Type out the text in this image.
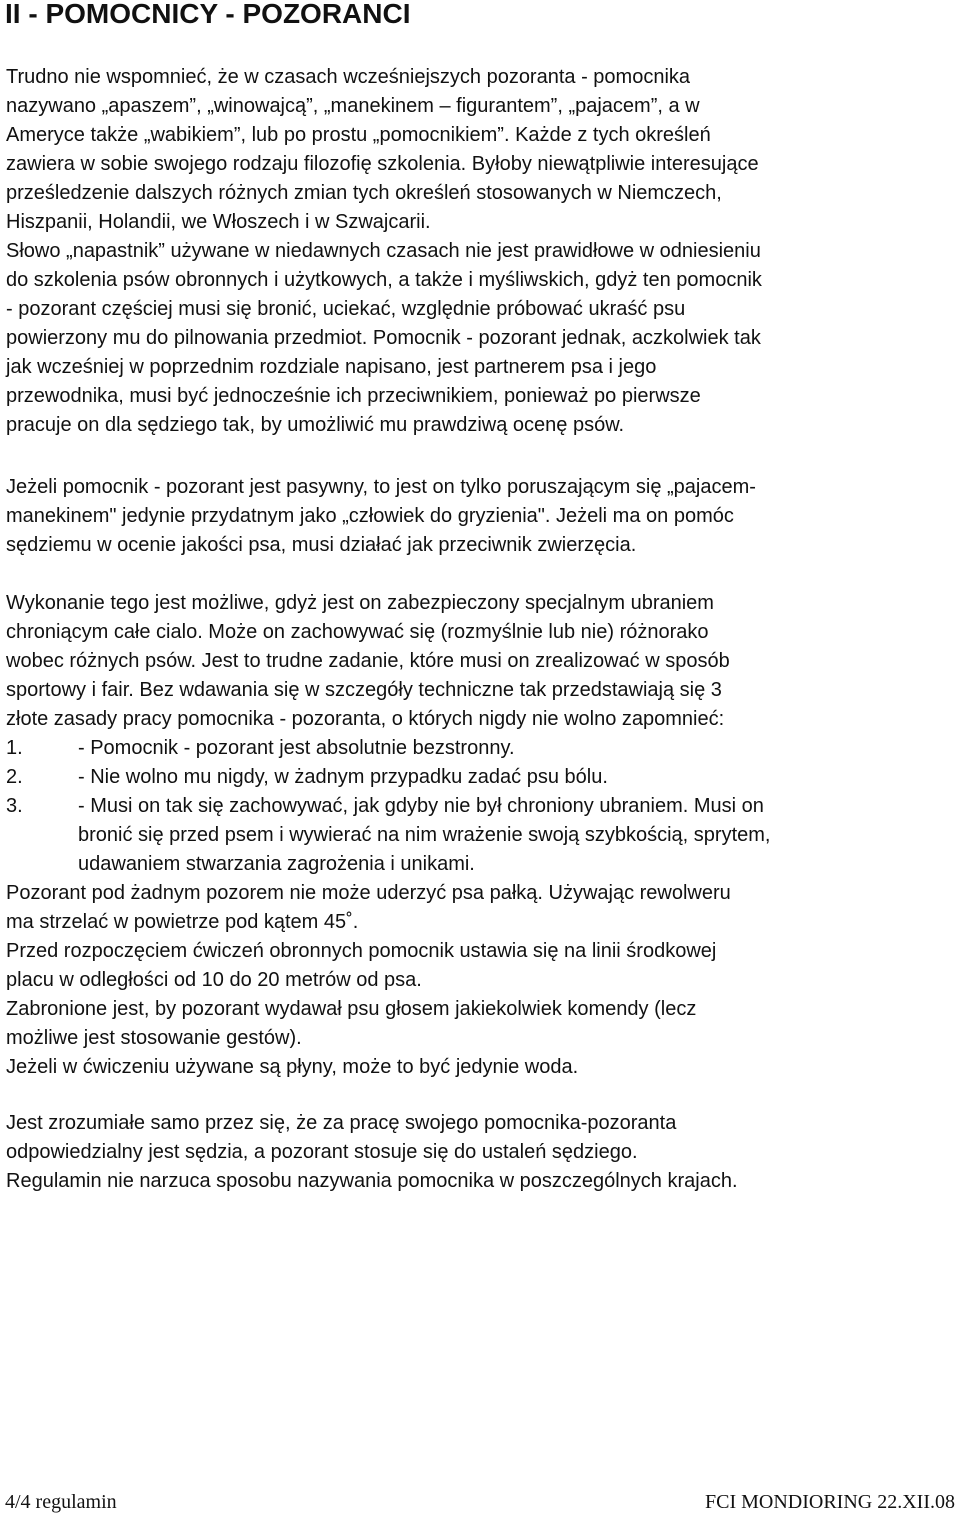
II - POMOCNICY - POZORANCI

Trudno nie wspomnieć, że w czasach wcześniejszych pozoranta - pomocnika

nazywano „apaszem”, „winowajcą”, „manekinem – figurantem”, „pajacem”, a w

Ameryce także „wabikiem”, lub po prostu „pomocnikiem”. Każde z tych określeń

zawiera w sobie swojego rodzaju filozofię szkolenia. Byłoby niewątpliwie interesujące

prześledzenie dalszych różnych zmian tych określeń stosowanych w Niemczech,

Hiszpanii, Holandii, we Włoszech i w Szwajcarii.

Słowo „napastnik” używane w niedawnych czasach nie jest prawidłowe w odniesieniu

do szkolenia psów obronnych i użytkowych, a także i myśliwskich, gdyż ten pomocnik

- pozorant częściej musi się bronić, uciekać, względnie próbować ukraść psu

powierzony mu do pilnowania przedmiot. Pomocnik - pozorant jednak, aczkolwiek tak

jak wcześniej w poprzednim rozdziale napisano, jest partnerem psa i jego

przewodnika, musi być jednocześnie ich przeciwnikiem, ponieważ po pierwsze

pracuje on dla sędziego tak, by umożliwić mu prawdziwą ocenę psów.

Jeżeli pomocnik - pozorant jest pasywny, to jest on tylko poruszającym się „pajacem-

manekinem" jedynie przydatnym jako „człowiek do gryzienia". Jeżeli ma on pomóc

sędziemu w ocenie jakości psa, musi działać jak przeciwnik zwierzęcia.

Wykonanie tego jest możliwe, gdyż jest on zabezpieczony specjalnym ubraniem

chroniącym całe cialo. Może on zachowywać się (rozmyślnie lub nie) różnorako

wobec różnych psów. Jest to trudne zadanie, które musi on zrealizować w sposób

sportowy i fair. Bez wdawania się w szczegóły techniczne tak przedstawiają się 3

złote zasady pracy pomocnika - pozoranta, o których nigdy nie wolno zapomnieć:

1.	- Pomocnik - pozorant jest absolutnie bezstronny.
2.	- Nie wolno mu nigdy, w żadnym przypadku zadać psu bólu.
3.	- Musi on tak się zachowywać, jak gdyby nie był chroniony ubraniem. Musi on
bronić się przed psem i wywierać na nim wrażenie swoją szybkością, sprytem,
udawaniem stwarzania zagrożenia i unikami.

Pozorant pod żadnym pozorem nie może uderzyć psa pałką. Używając rewolweru

ma strzelać w powietrze pod kątem 45˚.

Przed rozpoczęciem ćwiczeń obronnych pomocnik ustawia się na linii środkowej

placu w odległości od 10 do 20 metrów od psa.

Zabronione jest, by pozorant wydawał psu głosem jakiekolwiek komendy (lecz

możliwe jest stosowanie gestów).

Jeżeli w ćwiczeniu używane są płyny, może to być jedynie woda.

Jest zrozumiałe samo przez się, że za pracę swojego pomocnika-pozoranta

odpowiedzialny jest sędzia, a pozorant stosuje się do ustaleń sędziego.

Regulamin nie narzuca sposobu nazywania pomocnika w poszczególnych krajach.

4/4 regulamin	FCI MONDIORING 22.XII.08
